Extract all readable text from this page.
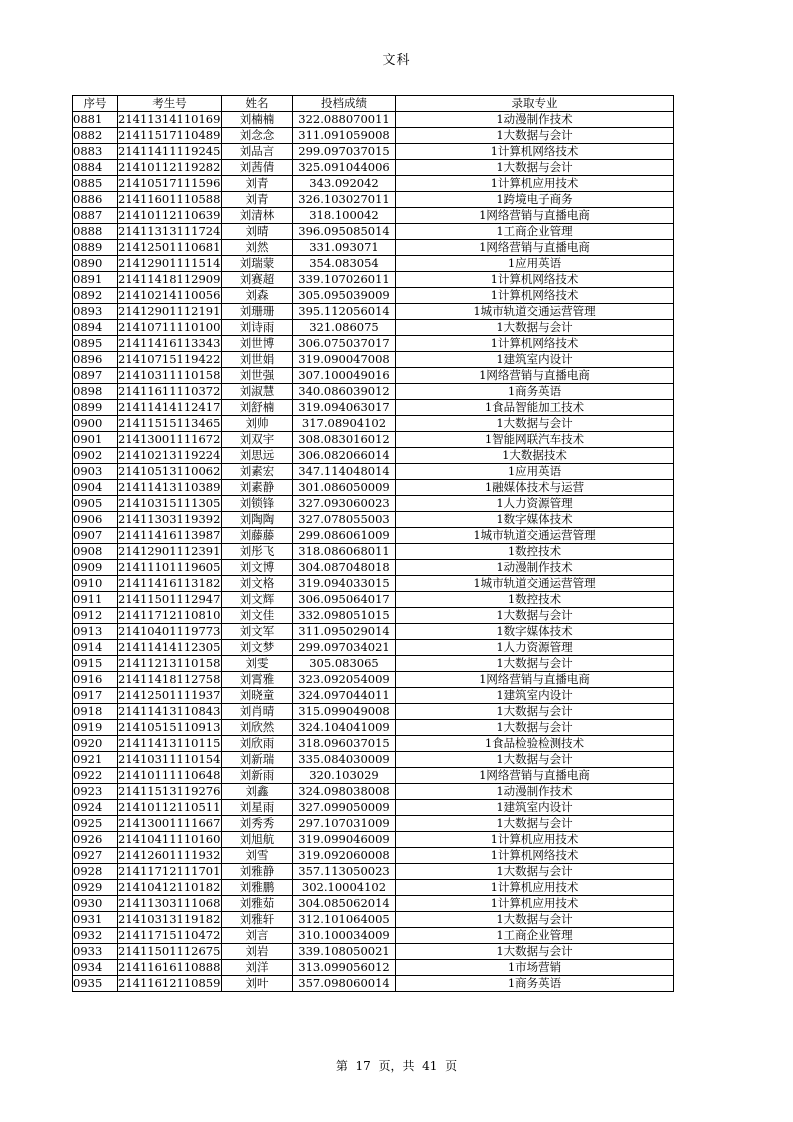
文科
序号	考生号	姓名	投档成绩	录取专业
0881	21411314110169	刘楠楠	322.088070011	1动漫制作技术
0882	21411517110489	刘念念	311.091059008	1大数据与会计
0883	21411411119245	刘品言	299.097037015	1计算机网络技术
0884	21410112119282	刘茜倩	325.091044006	1大数据与会计
0885	21410517111596	刘青	343.092042	1计算机应用技术
0886	21411601110588	刘青	326.103027011	1跨境电子商务
0887	21410112110639	刘清林	318.100042	1网络营销与直播电商
0888	21411313111724	刘晴	396.095085014	1工商企业管理
0889	21412501110681	刘然	331.093071	1网络营销与直播电商
0890	21412901111514	刘瑞蒙	354.083054	1应用英语
0891	21411418112909	刘赛超	339.107026011	1计算机网络技术
0892	21410214110056	刘森	305.095039009	1计算机网络技术
0893	21412901112191	刘珊珊	395.112056014	1城市轨道交通运营管理
0894	21410711110100	刘诗雨	321.086075	1大数据与会计
0895	21411416113343	刘世博	306.075037017	1计算机网络技术
0896	21410715119422	刘世娟	319.090047008	1建筑室内设计
0897	21410311110158	刘世强	307.100049016	1网络营销与直播电商
0898	21411611110372	刘淑慧	340.086039012	1商务英语
0899	21411414112417	刘舒楠	319.094063017	1食品智能加工技术
0900	21411515113465	刘帅	317.08904102	1大数据与会计
0901	21413001111672	刘双宇	308.083016012	1智能网联汽车技术
0902	21410213119224	刘思远	306.082066014	1大数据技术
0903	21410513110062	刘素宏	347.114048014	1应用英语
0904	21411413110389	刘素静	301.086050009	1融媒体技术与运营
0905	21410315111305	刘锁锋	327.093060023	1人力资源管理
0906	21411303119392	刘陶陶	327.078055003	1数字媒体技术
0907	21411416113987	刘藤藤	299.086061009	1城市轨道交通运营管理
0908	21412901112391	刘彤飞	318.086068011	1数控技术
0909	21411101119605	刘文博	304.087048018	1动漫制作技术
0910	21411416113182	刘文格	319.094033015	1城市轨道交通运营管理
0911	21411501112947	刘文辉	306.095064017	1数控技术
0912	21411712110810	刘文佳	332.098051015	1大数据与会计
0913	21410401119773	刘文军	311.095029014	1数字媒体技术
0914	21411414112305	刘文梦	299.097034021	1人力资源管理
0915	21411213110158	刘雯	305.083065	1大数据与会计
0916	21411418112758	刘霄雅	323.092054009	1网络营销与直播电商
0917	21412501111937	刘晓童	324.097044011	1建筑室内设计
0918	21411413110843	刘肖晴	315.099049008	1大数据与会计
0919	21410515110913	刘欣然	324.104041009	1大数据与会计
0920	21411413110115	刘欣雨	318.096037015	1食品检验检测技术
0921	21410311110154	刘新瑞	335.084030009	1大数据与会计
0922	21410111110648	刘新雨	320.103029	1网络营销与直播电商
0923	21411513119276	刘鑫	324.098038008	1动漫制作技术
0924	21410112110511	刘星雨	327.099050009	1建筑室内设计
0925	21413001111667	刘秀秀	297.107031009	1大数据与会计
0926	21410411110160	刘旭航	319.099046009	1计算机应用技术
0927	21412601111932	刘雪	319.092060008	1计算机网络技术
0928	21411712111701	刘雅静	357.113050023	1大数据与会计
0929	21410412110182	刘雅鹏	302.10004102	1计算机应用技术
0930	21411303111068	刘雅茹	304.085062014	1计算机应用技术
0931	21410313119182	刘雅轩	312.101064005	1大数据与会计
0932	21411715110472	刘言	310.100034009	1工商企业管理
0933	21411501112675	刘岩	339.108050021	1大数据与会计
0934	21411616110888	刘洋	313.099056012	1市场营销
0935	21411612110859	刘叶	357.098060014	1商务英语
第 17 页，共 41 页
